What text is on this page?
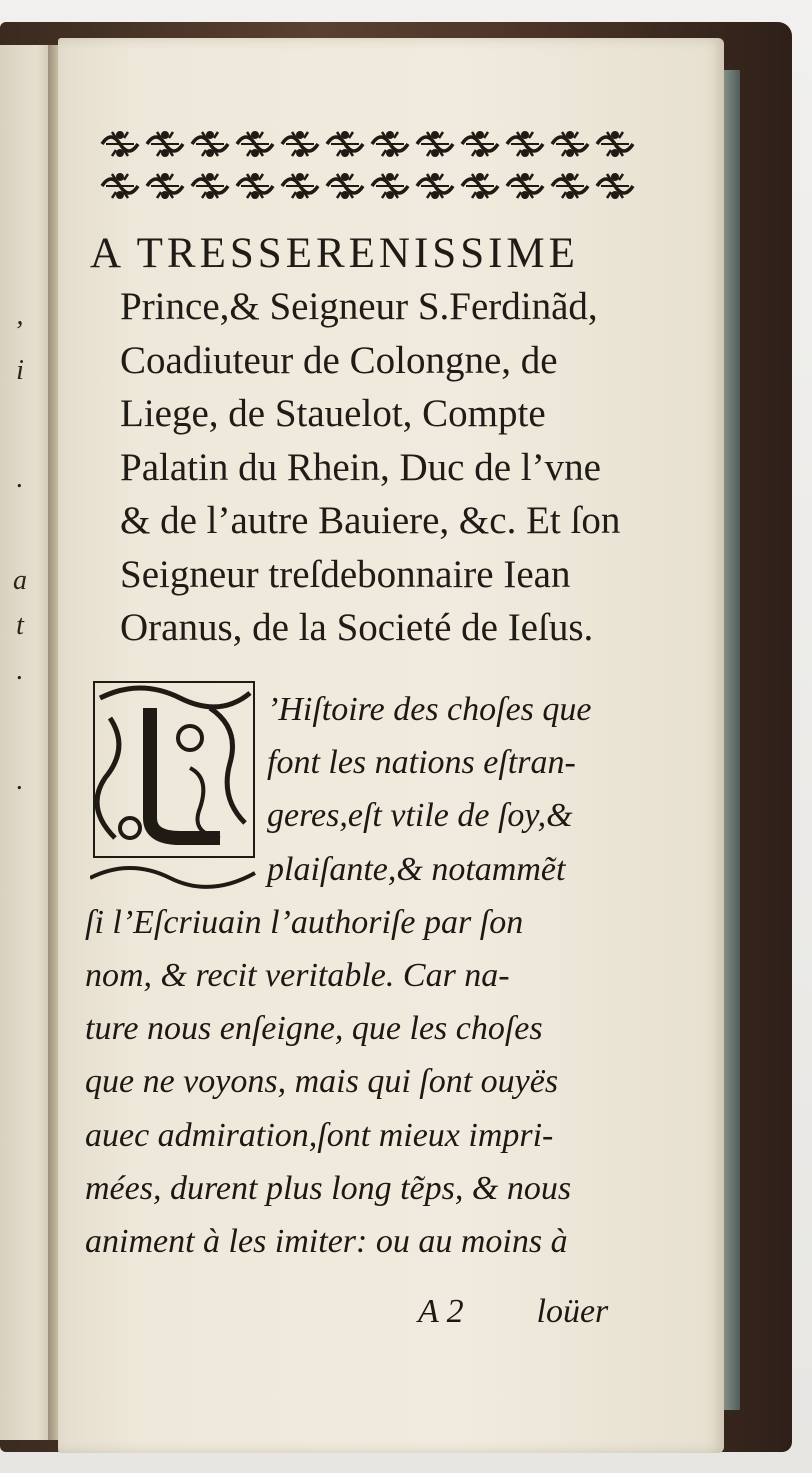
,
i
.
a
t
.
.

A TRESSERENISSIME

Prince,& Seigneur S.Ferdinãd,

Coadiuteur de Colongne, de

Liege, de Stauelot, Compte

Palatin du Rhein, Duc de l’vne

& de l’autre Bauiere, &c. Et ſon

Seigneur treſdebonnaire Iean

Oranus, de la Societé de Ieſus.

’Hiſtoire des choſes que

font les nations eſtran-

geres,eſt vtile de ſoy,&

plaiſante,& notammẽt

ſi l’Eſcriuain l’authoriſe par ſon

nom, & recit veritable. Car na-

ture nous enſeigne, que les choſes

que ne voyons, mais qui ſont ouyës

auec admiration,ſont mieux impri-

mées, durent plus long tẽps, & nous

animent à les imiter: ou au moins à

A 2 loüer
